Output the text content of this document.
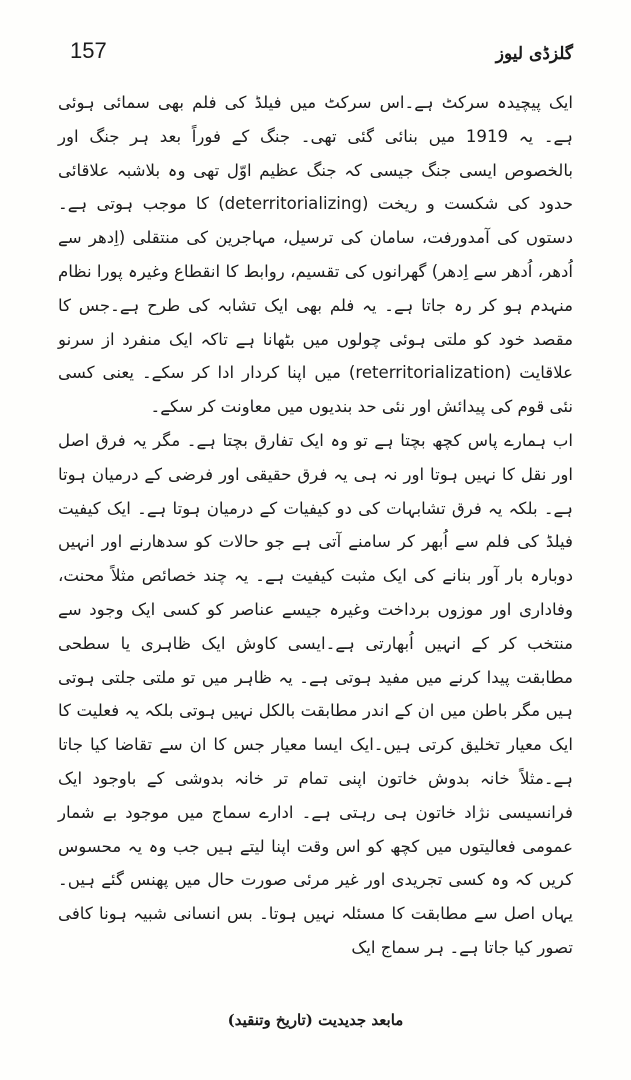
157	گلزڈی لیوز

ایک پیچیدہ سرکٹ ہے۔اس سرکٹ میں فیلڈ کی فلم بھی سمائی ہوئی ہے۔ یہ 1919 میں بنائی گئی تھی۔ جنگ کے فوراً بعد ہر جنگ اور بالخصوص ایسی جنگ جیسی کہ جنگ عظیم اوّل تھی وہ بلاشبہ علاقائی حدود کی شکست و ریخت (deterritorializing) کا موجب ہوتی ہے۔ دستوں کی آمدورفت، سامان کی ترسیل، مہاجرین کی منتقلی (اِدھر سے اُدھر، اُدھر سے اِدھر) گھرانوں کی تقسیم، روابط کا انقطاع وغیرہ پورا نظام منہدم ہو کر رہ جاتا ہے۔ یہ فلم بھی ایک تشابہ کی طرح ہے۔جس کا مقصد خود کو ملتی ہوئی چولوں میں بٹھانا ہے تاکہ ایک منفرد از سرنو علاقایت (reterritorialization) میں اپنا کردار ادا کر سکے۔ یعنی کسی نئی قوم کی پیدائش اور نئی حد بندیوں میں معاونت کر سکے۔

اب ہمارے پاس کچھ بچتا ہے تو وہ ایک تفارق بچتا ہے۔ مگر یہ فرق اصل اور نقل کا نہیں ہوتا اور نہ ہی یہ فرق حقیقی اور فرضی کے درمیان ہوتا ہے۔ بلکہ یہ فرق تشابہات کی دو کیفیات کے درمیان ہوتا ہے۔ ایک کیفیت فیلڈ کی فلم سے اُبھر کر سامنے آتی ہے جو حالات کو سدھارنے اور انہیں دوبارہ بار آور بنانے کی ایک مثبت کیفیت ہے۔ یہ چند خصائص مثلاً محنت، وفاداری اور موزوں برداخت وغیرہ جیسے عناصر کو کسی ایک وجود سے منتخب کر کے انہیں اُبھارتی ہے۔ایسی کاوش ایک ظاہری یا سطحی مطابقت پیدا کرنے میں مفید ہوتی ہے۔ یہ ظاہر میں تو ملتی جلتی ہوتی ہیں مگر باطن میں ان کے اندر مطابقت بالکل نہیں ہوتی بلکہ یہ فعلیت کا ایک معیار تخلیق کرتی ہیں۔ایک ایسا معیار جس کا ان سے تقاضا کیا جاتا ہے۔مثلاً خانہ بدوش خاتون اپنی تمام تر خانہ بدوشی کے باوجود ایک فرانسیسی نژاد خاتون ہی رہتی ہے۔ ادارے سماج میں موجود بے شمار عمومی فعالیتوں میں کچھ کو اس وقت اپنا لیتے ہیں جب وہ یہ محسوس کریں کہ وہ کسی تجریدی اور غیر مرئی صورت حال میں پھنس گئے ہیں۔ یہاں اصل سے مطابقت کا مسئلہ نہیں ہوتا۔ بس انسانی شبیہ ہونا کافی تصور کیا جاتا ہے۔ ہر سماج ایک

مابعد جدیدیت (تاریخ وتنقید)
